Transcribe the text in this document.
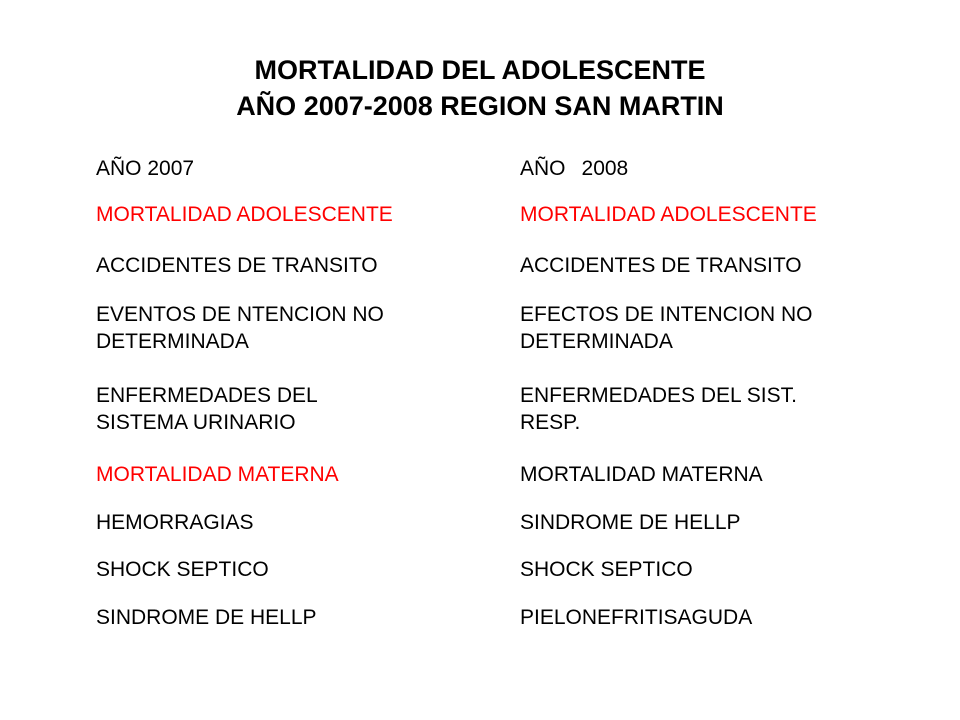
MORTALIDAD DEL ADOLESCENTE
AÑO 2007-2008 REGION SAN MARTIN
AÑO 2007
MORTALIDAD ADOLESCENTE
ACCIDENTES DE TRANSITO
EVENTOS DE NTENCION NO
DETERMINADA
ENFERMEDADES DEL
SISTEMA URINARIO
MORTALIDAD MATERNA
HEMORRAGIAS
SHOCK SEPTICO
SINDROME DE HELLP
AÑO 2008
MORTALIDAD ADOLESCENTE
ACCIDENTES DE TRANSITO
EFECTOS DE INTENCION NO
DETERMINADA
ENFERMEDADES DEL SIST.
RESP.
MORTALIDAD MATERNA
SINDROME DE HELLP
SHOCK SEPTICO
PIELONEFRITISAGUDA
